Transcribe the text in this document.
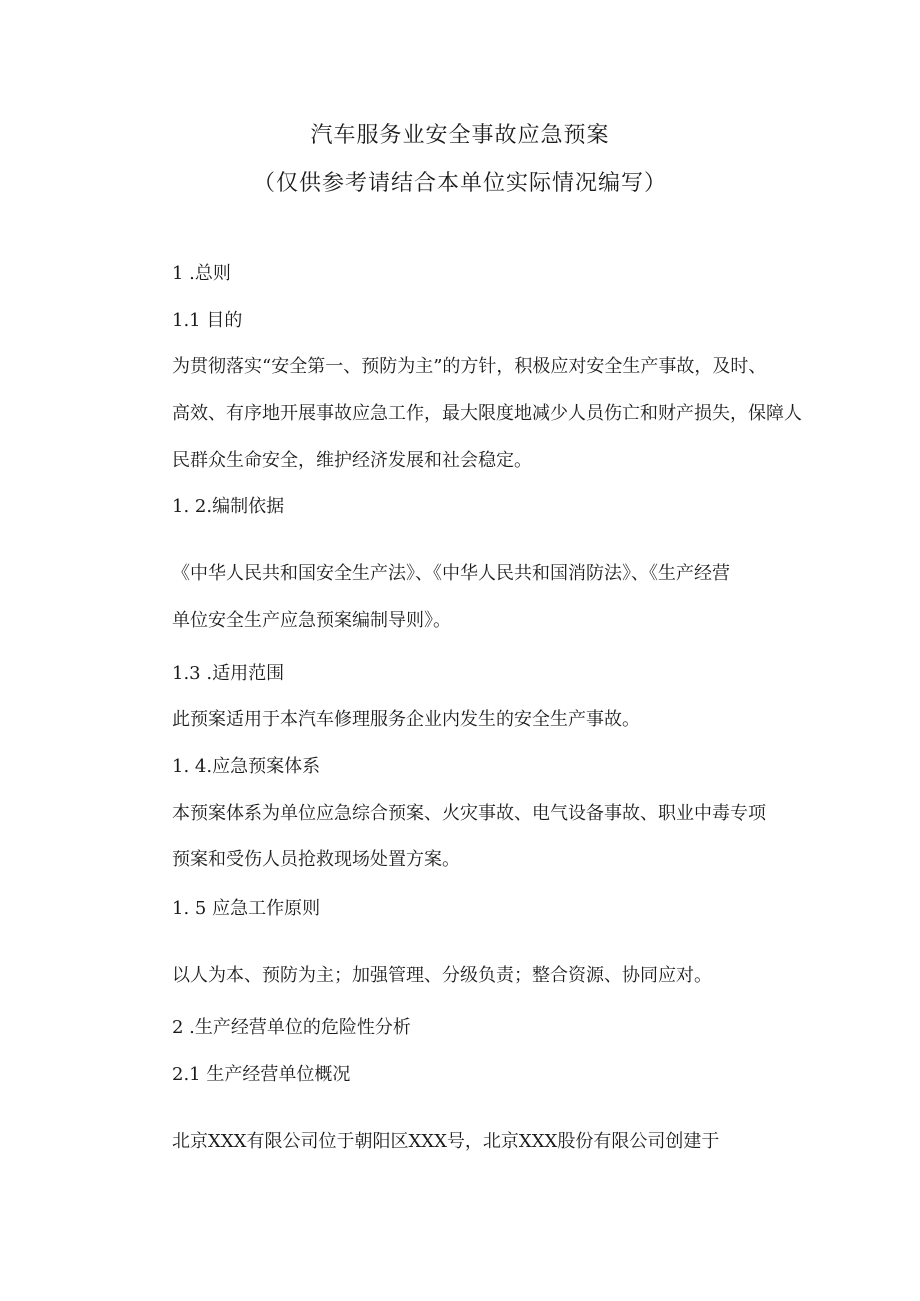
汽车服务业安全事故应急预案
（仅供参考请结合本单位实际情况编写）
1 .总则
1.1 目的
为贯彻落实“安全第一、预防为主”的方针，积极应对安全生产事故，及时、
高效、有序地开展事故应急工作，最大限度地减少人员伤亡和财产损失，保障人
民群众生命安全，维护经济发展和社会稳定。
1. 2.编制依据
《中华人民共和国安全生产法》、《中华人民共和国消防法》、《生产经营
单位安全生产应急预案编制导则》。
1.3 .适用范围
此预案适用于本汽车修理服务企业内发生的安全生产事故。
1. 4.应急预案体系
本预案体系为单位应急综合预案、火灾事故、电气设备事故、职业中毒专项
预案和受伤人员抢救现场处置方案。
1. 5 应急工作原则
以人为本、预防为主；加强管理、分级负责；整合资源、协同应对。
2 .生产经营单位的危险性分析
2.1 生产经营单位概况
北京XXX有限公司位于朝阳区XXX号，北京XXX股份有限公司创建于
